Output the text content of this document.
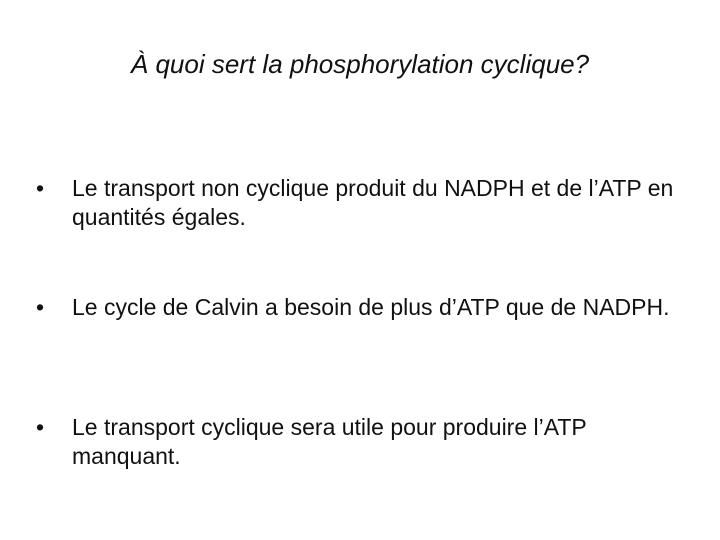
À quoi sert la phosphorylation cyclique?
•	Le transport non cyclique produit du NADPH et de l’ATP en quantités égales.
•	Le cycle de Calvin a besoin de plus d’ATP que de NADPH.
•	Le transport cyclique sera utile pour produire l’ATP manquant.
